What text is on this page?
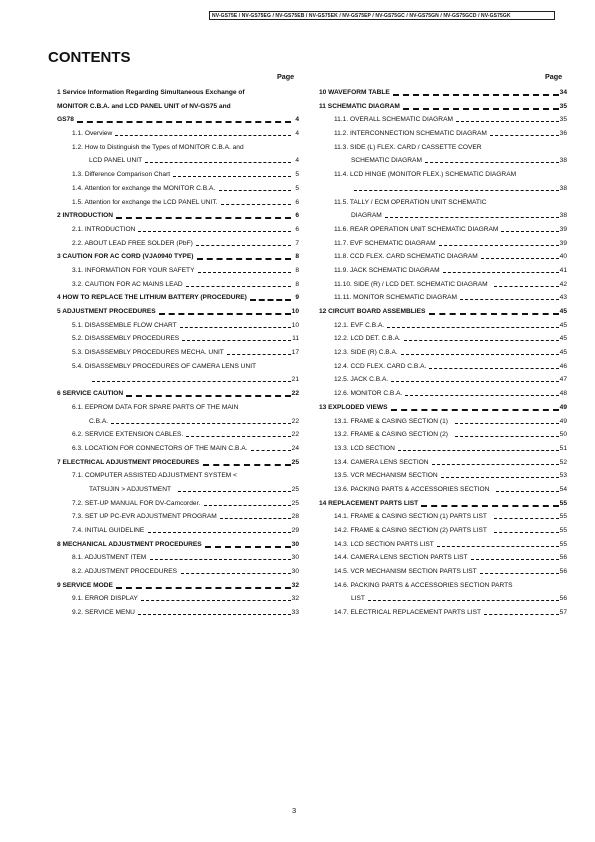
NV-GS75E / NV-GS75EG / NV-GS75EB / NV-GS75EK / NV-GS75EP / NV-GS75GC / NV-GS75GN / NV-GS75GCD / NV-GS75GK
CONTENTS
Page	Page
1 Service Information Regarding Simultaneous Exchange of
MONITOR C.B.A. and LCD PANEL UNIT of NV-GS75 and
GS78	4
1.1. Overview	4
1.2. How to Distinguish the Types of MONITOR C.B.A. and
LCD PANEL UNIT	4
1.3. Difference Comparison Chart	5
1.4. Attention for exchange the MONITOR C.B.A.	5
1.5. Attention for exchange the LCD PANEL UNIT.	6
2 INTRODUCTION	6
2.1. INTRODUCTION	6
2.2. ABOUT LEAD FREE SOLDER (PbF)	7
3 CAUTION FOR AC CORD (VJA0940 TYPE)	8
3.1. INFORMATION FOR YOUR SAFETY	8
3.2. CAUTION FOR AC MAINS LEAD	8
4 HOW TO REPLACE THE LITHIUM BATTERY (PROCEDURE)	9
5 ADJUSTMENT PROCEDURES	10
5.1. DISASSEMBLE FLOW CHART	10
5.2. DISASSEMBLY PROCEDURES	11
5.3. DISASSEMBLY PROCEDURES MECHA. UNIT	17
5.4. DISASSEMBLY PROCEDURES OF CAMERA LENS UNIT
21
6 SERVICE CAUTION	22
6.1. EEPROM DATA FOR SPARE PARTS OF THE MAIN
C.B.A.	22
6.2. SERVICE EXTENSION CABLES.	22
6.3. LOCATION FOR CONNECTORS OF THE MAIN C.B.A.	24
7 ELECTRICAL ADJUSTMENT PROCEDURES	25
7.1. COMPUTER ASSISTED ADJUSTMENT SYSTEM <
TATSUJIN > ADJUSTMENT	25
7.2. SET-UP MANUAL FOR DV-Camcorder.	25
7.3. SET UP PC-EVR ADJUSTMENT PROGRAM	28
7.4. INITIAL GUIDELINE	29
8 MECHANICAL ADJUSTMENT PROCEDURES	30
8.1. ADJUSTMENT ITEM	30
8.2. ADJUSTMENT PROCEDURES	30
9 SERVICE MODE	32
9.1. ERROR DISPLAY	32
9.2. SERVICE MENU	33
10 WAVEFORM TABLE	34
11 SCHEMATIC DIAGRAM	35
11.1. OVERALL SCHEMATIC DIAGRAM	35
11.2. INTERCONNECTION SCHEMATIC DIAGRAM	36
11.3. SIDE (L) FLEX. CARD / CASSETTE COVER
SCHEMATIC DIAGRAM	38
11.4. LCD HINGE (MONITOR FLEX.) SCHEMATIC DIAGRAM
38
11.5. TALLY / ECM OPERATION UNIT SCHEMATIC
DIAGRAM	38
11.6. REAR OPERATION UNIT SCHEMATIC DIAGRAM	39
11.7. EVF SCHEMATIC DIAGRAM	39
11.8. CCD FLEX. CARD SCHEMATIC DIAGRAM	40
11.9. JACK SCHEMATIC DIAGRAM	41
11.10. SIDE (R) / LCD DET. SCHEMATIC DIAGRAM	42
11.11. MONITOR SCHEMATIC DIAGRAM	43
12 CIRCUIT BOARD ASSEMBLIES	45
12.1. EVF C.B.A.	45
12.2. LCD DET. C.B.A.	45
12.3. SIDE (R) C.B.A.	45
12.4. CCD FLEX. CARD C.B.A.	46
12.5. JACK C.B.A.	47
12.6. MONITOR C.B.A.	48
13 EXPLODED VIEWS	49
13.1. FRAME & CASING SECTION (1)	49
13.2. FRAME & CASING SECTION (2)	50
13.3. LCD SECTION	51
13.4. CAMERA LENS SECTION	52
13.5. VCR MECHANISM SECTION	53
13.6. PACKING PARTS & ACCESSORIES SECTION	54
14 REPLACEMENT PARTS LIST	55
14.1. FRAME & CASING SECTION (1) PARTS LIST	55
14.2. FRAME & CASING SECTION (2) PARTS LIST	55
14.3. LCD SECTION PARTS LIST	55
14.4. CAMERA LENS SECTION PARTS LIST	56
14.5. VCR MECHANISM SECTION PARTS LIST	56
14.6. PACKING PARTS & ACCESSORIES SECTION PARTS
LIST	56
14.7. ELECTRICAL REPLACEMENT PARTS LIST	57
3
